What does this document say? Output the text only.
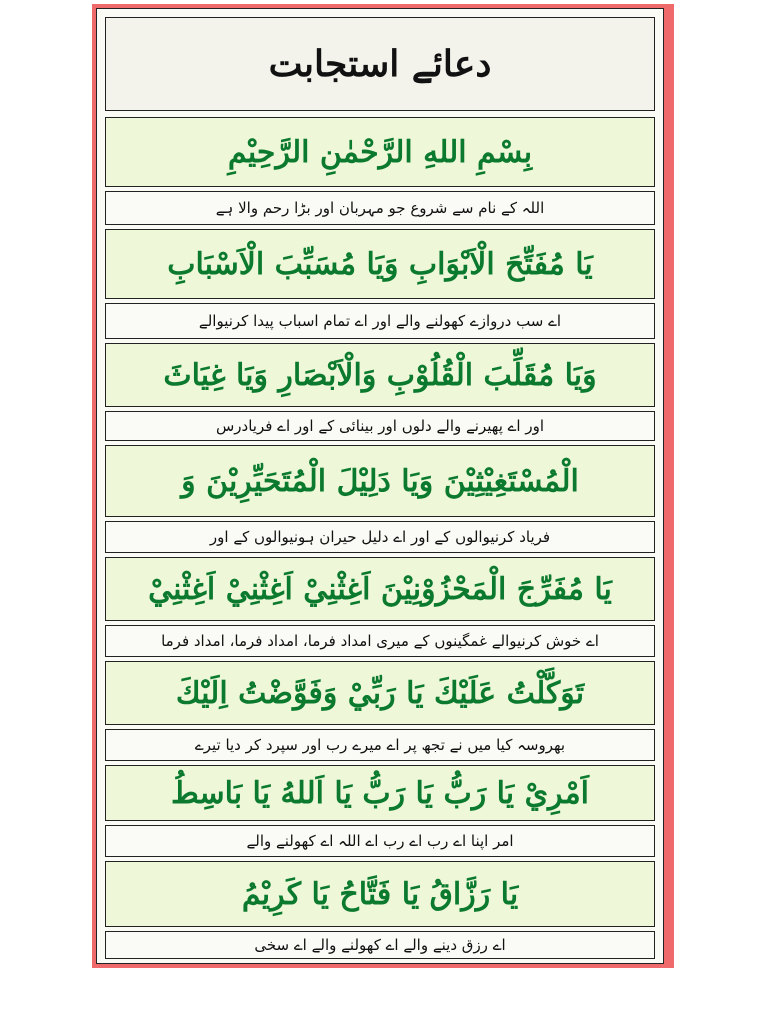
دعائے استجابت
بِسْمِ اللهِ الرَّحْمٰنِ الرَّحِيْمِ
اللہ کے نام سے شروع جو مہربان اور بڑا رحم والا ہے
يَا مُفَتِّحَ الْاَبْوَابِ وَيَا مُسَبِّبَ الْاَسْبَابِ
اے سب دروازے کھولنے والے اور اے تمام اسباب پیدا کرنیوالے
وَيَا مُقَلِّبَ الْقُلُوْبِ وَالْاَبْصَارِ وَيَا غِيَاثَ
اور اے پھیرنے والے دلوں اور بینائی کے اور اے فریادرس
الْمُسْتَغِيْثِيْنَ وَيَا دَلِيْلَ الْمُتَحَيِّرِيْنَ وَ
فریاد کرنیوالوں کے اور اے دلیل حیران ہونیوالوں کے اور
يَا مُفَرِّجَ الْمَحْزُوْنِيْنَ اَغِثْنِيْ اَغِثْنِيْ اَغِثْنِيْ
اے خوش کرنیوالے غمگینوں کے میری امداد فرما، امداد فرما، امداد فرما
تَوَكَّلْتُ عَلَيْكَ يَا رَبِّيْ وَفَوَّضْتُ اِلَيْكَ
بھروسہ کیا میں نے تجھ پر اے میرے رب اور سپرد کر دیا تیرے
اَمْرِيْ يَا رَبُّ يَا رَبُّ يَا اَللهُ يَا بَاسِطُ
امر اپنا اے رب اے رب اے اللہ اے کھولنے والے
يَا رَزَّاقُ يَا فَتَّاحُ يَا كَرِيْمُ
اے رزق دینے والے اے کھولنے والے اے سخی
